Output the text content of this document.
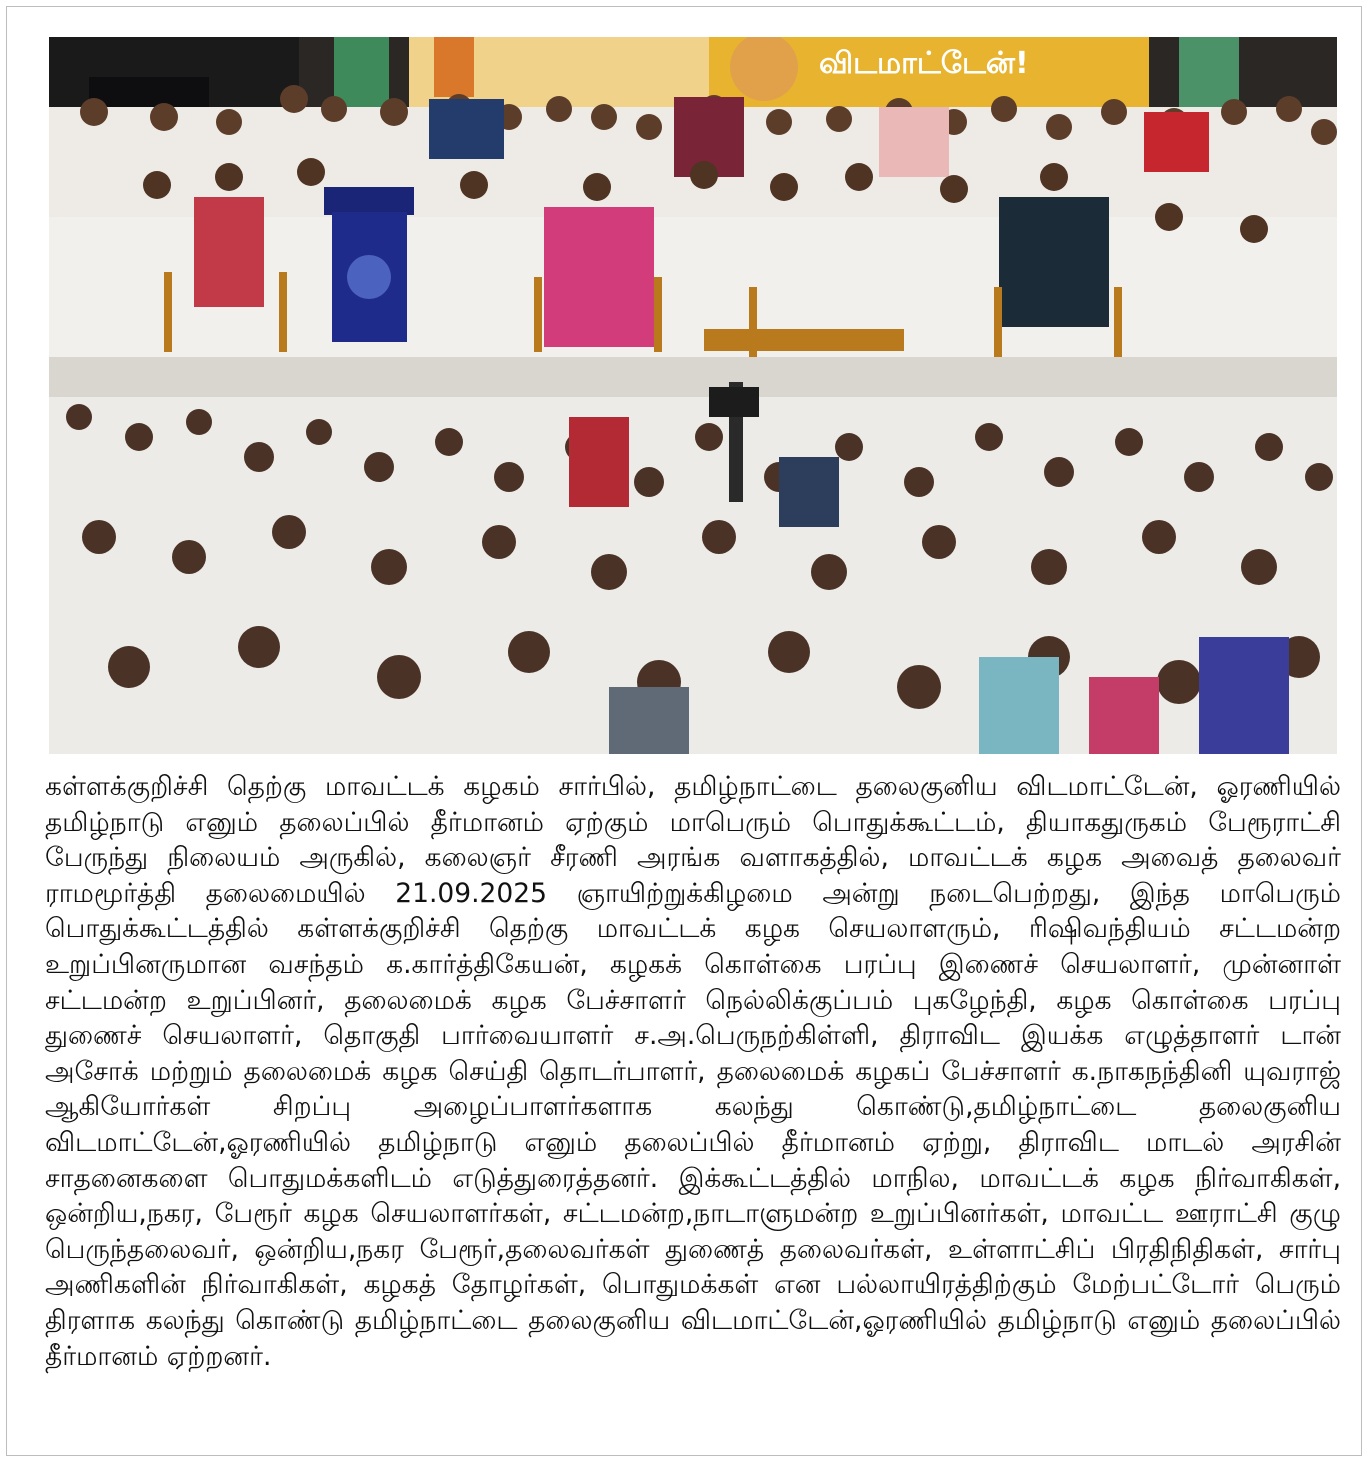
விடமாட்டேன்!

கள்ளக்குறிச்சி தெற்கு மாவட்டக் கழகம் சார்பில், தமிழ்நாட்டை தலைகுனிய விடமாட்டேன், ஓரணியில் தமிழ்நாடு எனும் தலைப்பில் தீர்மானம் ஏற்கும் மாபெரும் பொதுக்கூட்டம், தியாகதுருகம் பேரூராட்சி பேருந்து நிலையம் அருகில், கலைஞர் சீரணி அரங்க வளாகத்தில், மாவட்டக் கழக அவைத் தலைவர் ராமமூர்த்தி தலைமையில் 21.09.2025 ஞாயிற்றுக்கிழமை அன்று நடைபெற்றது, இந்த மாபெரும் பொதுக்கூட்டத்தில் கள்ளக்குறிச்சி தெற்கு மாவட்டக் கழக செயலாளரும், ரிஷிவந்தியம் சட்டமன்ற உறுப்பினருமான வசந்தம் க.கார்த்திகேயன், கழகக் கொள்கை பரப்பு இணைச் செயலாளர், முன்னாள் சட்டமன்ற உறுப்பினர், தலைமைக் கழக பேச்சாளர் நெல்லிக்குப்பம் புகழேந்தி, கழக கொள்கை பரப்பு துணைச் செயலாளர், தொகுதி பார்வையாளர் ச.அ.பெருநற்கிள்ளி, திராவிட இயக்க எழுத்தாளர் டான் அசோக் மற்றும் தலைமைக் கழக செய்தி தொடர்பாளர், தலைமைக் கழகப் பேச்சாளர் க.நாகநந்தினி யுவராஜ் ஆகியோர்கள் சிறப்பு அழைப்பாளர்களாக கலந்து கொண்டு,தமிழ்நாட்டை தலைகுனிய விடமாட்டேன்,ஓரணியில் தமிழ்நாடு எனும் தலைப்பில் தீர்மானம் ஏற்று, திராவிட மாடல் அரசின் சாதனைகளை பொதுமக்களிடம் எடுத்துரைத்தனர். இக்கூட்டத்தில் மாநில, மாவட்டக் கழக நிர்வாகிகள், ஒன்றிய,நகர, பேரூர் கழக செயலாளர்கள், சட்டமன்ற,நாடாளுமன்ற உறுப்பினர்கள், மாவட்ட ஊராட்சி குழு பெருந்தலைவர், ஒன்றிய,நகர பேரூர்,தலைவர்கள் துணைத் தலைவர்கள், உள்ளாட்சிப் பிரதிநிதிகள், சார்பு அணிகளின் நிர்வாகிகள், கழகத் தோழர்கள், பொதுமக்கள் என பல்லாயிரத்திற்கும் மேற்பட்டோர் பெரும் திரளாக கலந்து கொண்டு தமிழ்நாட்டை தலைகுனிய விடமாட்டேன்,ஓரணியில் தமிழ்நாடு எனும் தலைப்பில் தீர்மானம் ஏற்றனர்.
